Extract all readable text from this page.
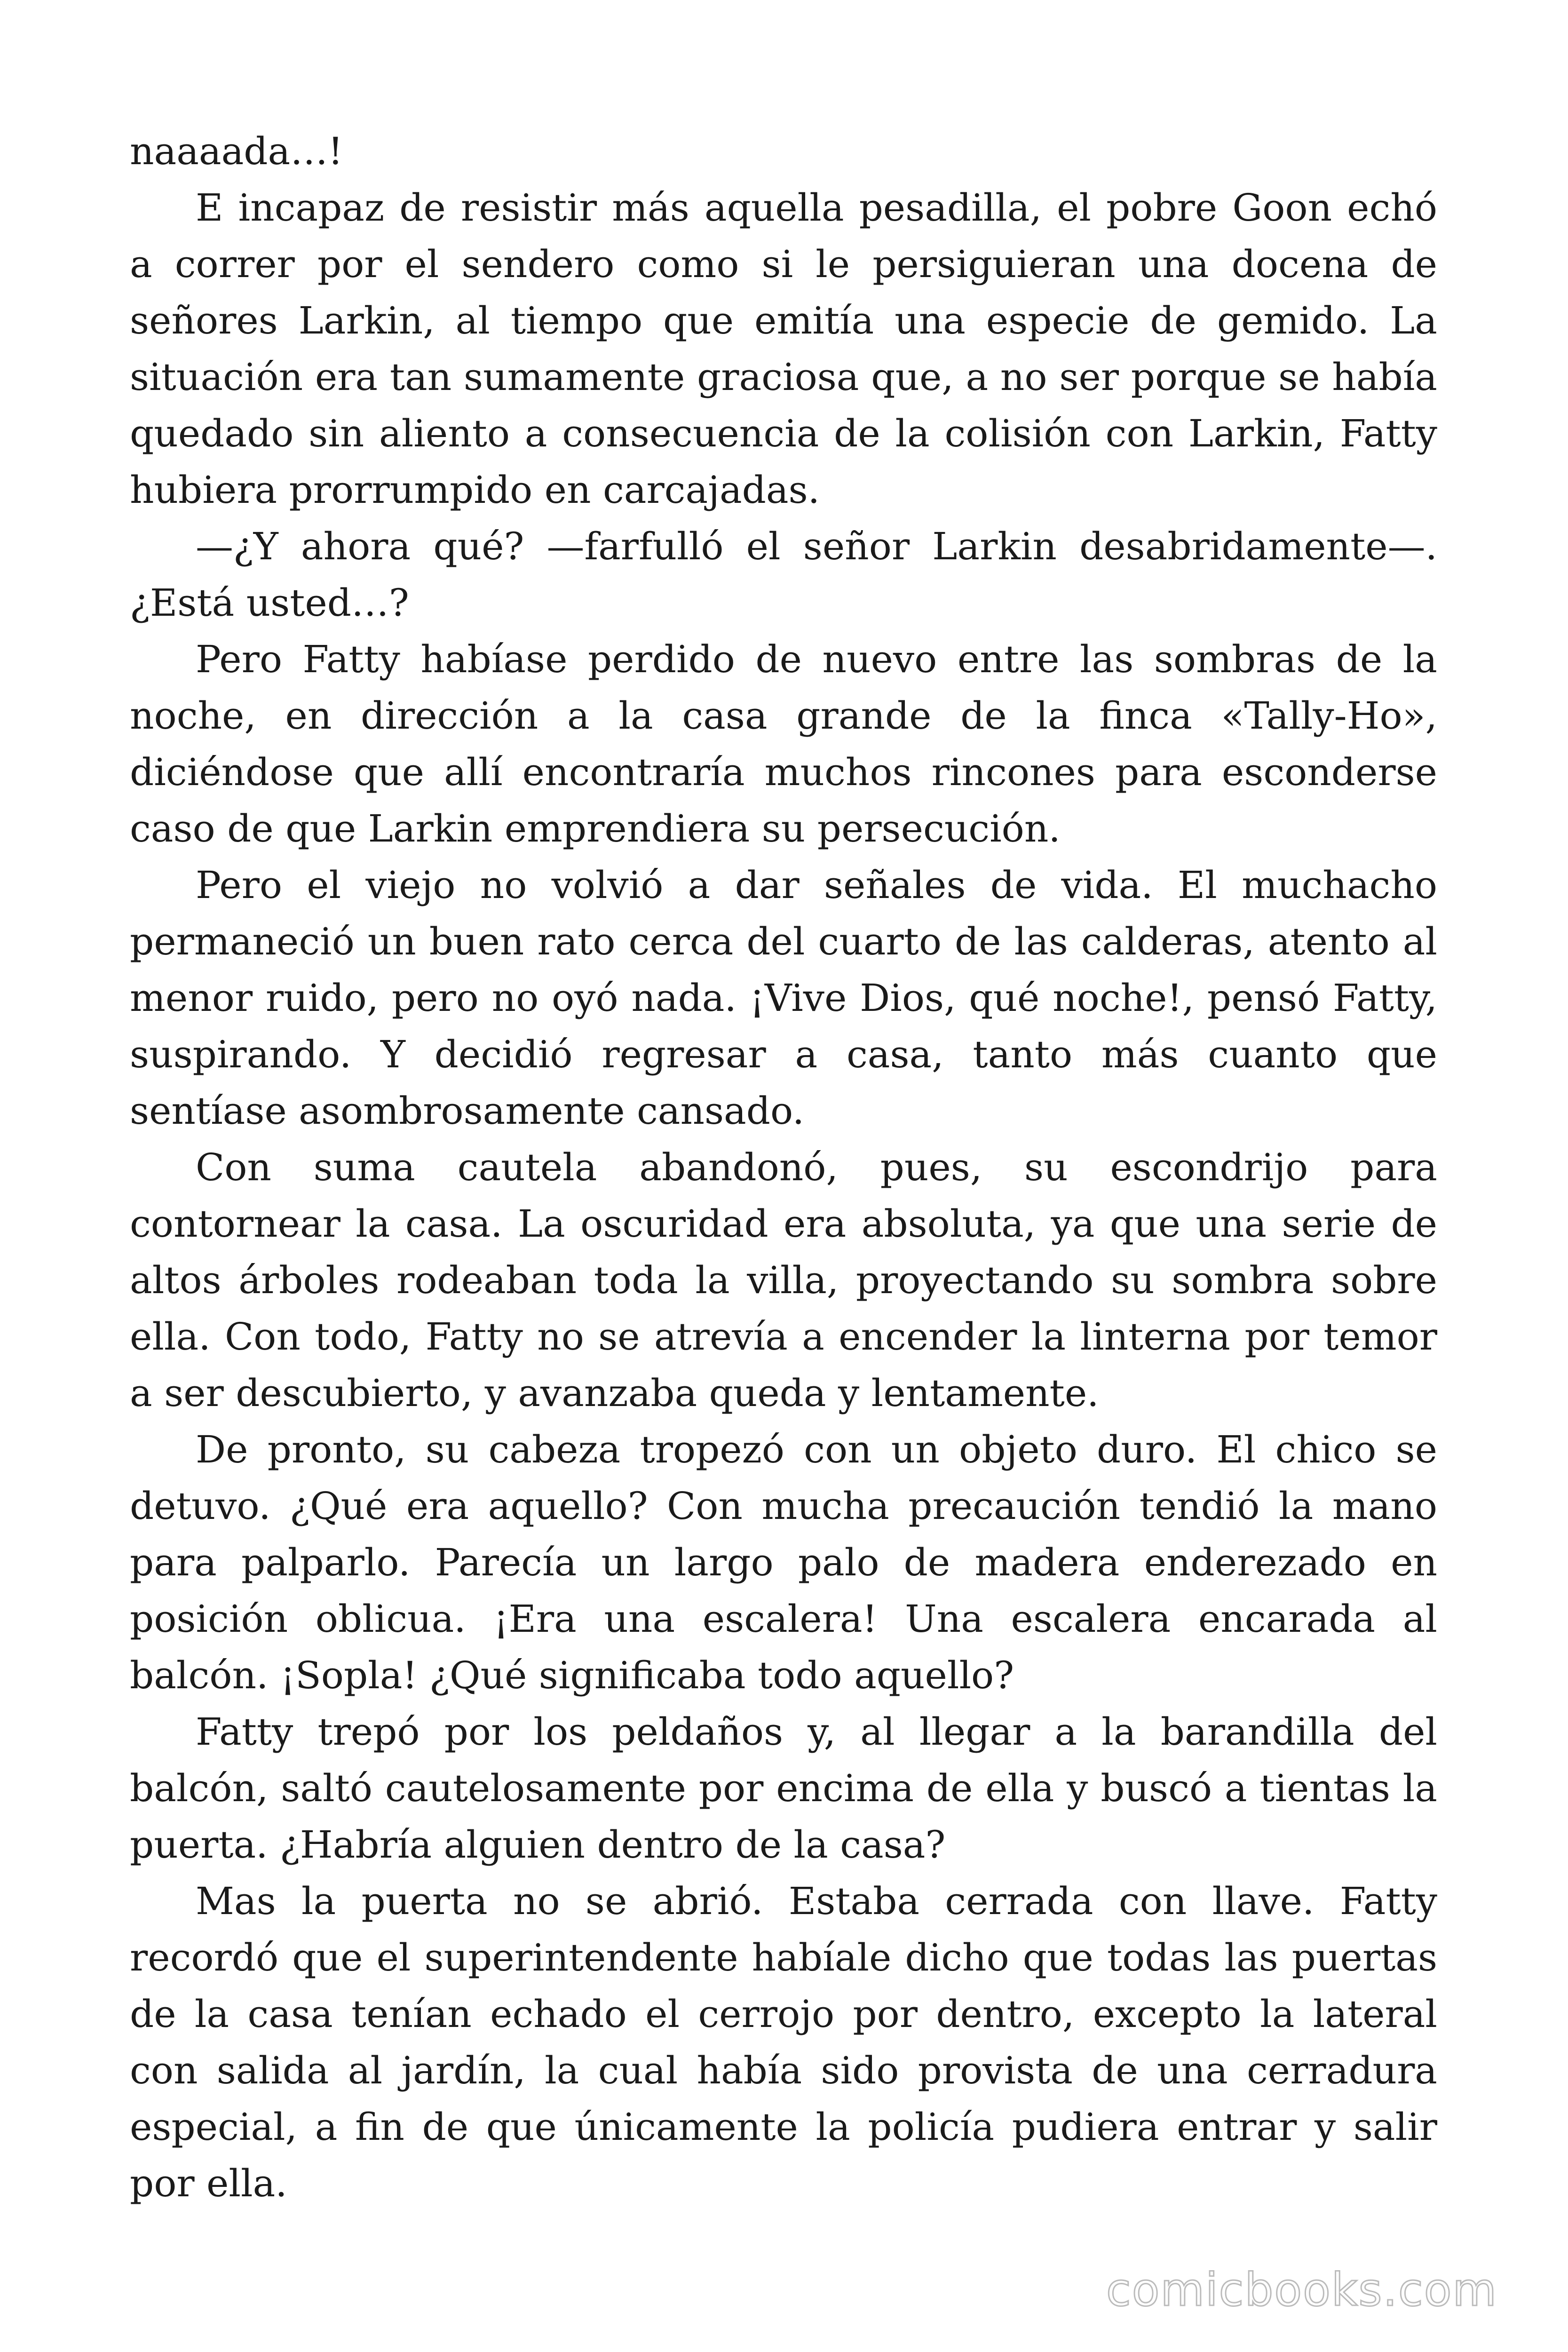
naaaada…!

E incapaz de resistir más aquella pesadilla, el pobre Goon echó a correr por el sendero como si le persiguieran una docena de señores Larkin, al tiempo que emitía una especie de gemido. La situación era tan sumamente graciosa que, a no ser porque se había quedado sin aliento a consecuencia de la colisión con Larkin, Fatty hubiera prorrumpido en carcajadas.

—¿Y ahora qué? —farfulló el señor Larkin desabridamente—. ¿Está usted…?

Pero Fatty habíase perdido de nuevo entre las sombras de la noche, en dirección a la casa grande de la finca «Tally-Ho», diciéndose que allí encontraría muchos rincones para esconderse caso de que Larkin emprendiera su persecución.

Pero el viejo no volvió a dar señales de vida. El muchacho permaneció un buen rato cerca del cuarto de las calderas, atento al menor ruido, pero no oyó nada. ¡Vive Dios, qué noche!, pensó Fatty, suspirando. Y decidió regresar a casa, tanto más cuanto que sentíase asombrosamente cansado.

Con suma cautela abandonó, pues, su escondrijo para contornear la casa. La oscuridad era absoluta, ya que una serie de altos árboles rodeaban toda la villa, proyectando su sombra sobre ella. Con todo, Fatty no se atrevía a encender la linterna por temor a ser descubierto, y avanzaba queda y lentamente.

De pronto, su cabeza tropezó con un objeto duro. El chico se detuvo. ¿Qué era aquello? Con mucha precaución tendió la mano para palparlo. Parecía un largo palo de madera enderezado en posición oblicua. ¡Era una escalera! Una escalera encarada al balcón. ¡Sopla! ¿Qué significaba todo aquello?

Fatty trepó por los peldaños y, al llegar a la barandilla del balcón, saltó cautelosamente por encima de ella y buscó a tientas la puerta. ¿Habría alguien dentro de la casa?

Mas la puerta no se abrió. Estaba cerrada con llave. Fatty recordó que el superintendente habíale dicho que todas las puertas de la casa tenían echado el cerrojo por dentro, excepto la lateral con salida al jardín, la cual había sido provista de una cerradura especial, a fin de que únicamente la policía pudiera entrar y salir por ella.

comicbooks.com
